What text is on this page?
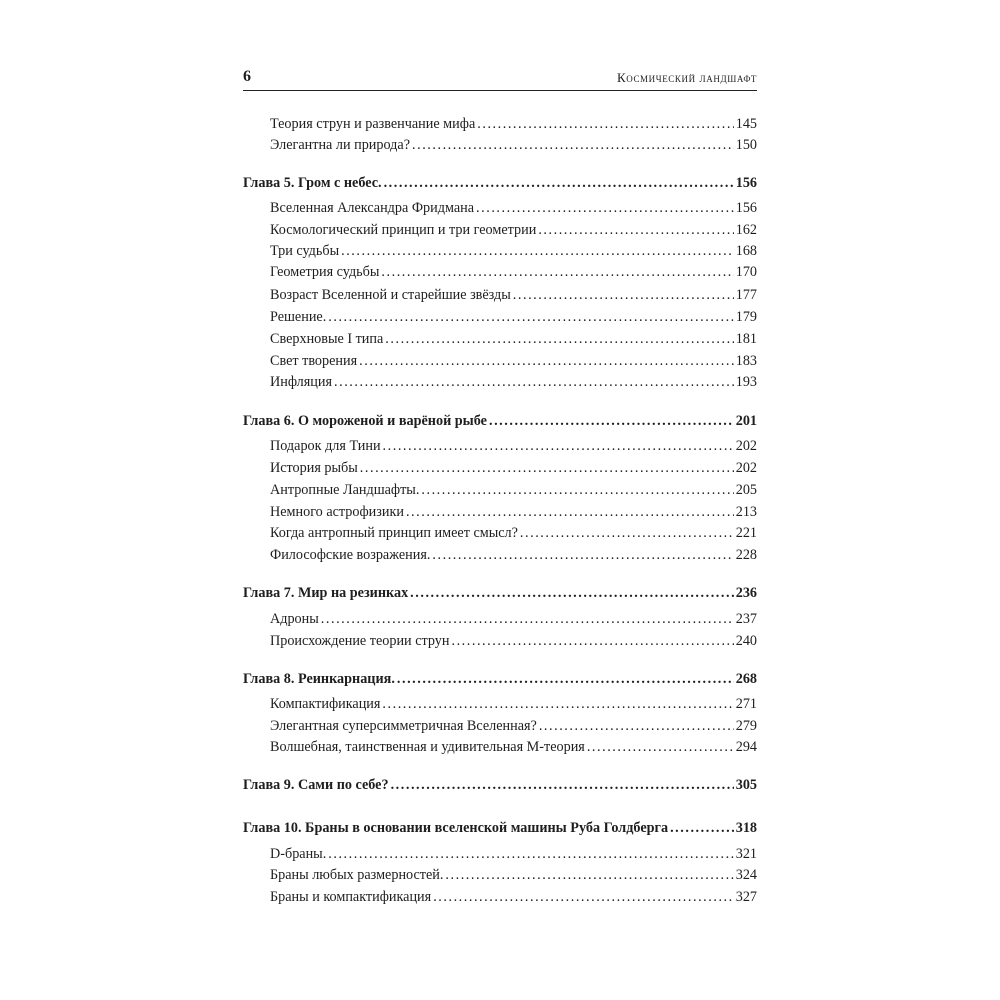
6	Космический ландшафт
Теория струн и развенчание мифа . . .	145
Элегантна ли природа? . . .	150
Глава 5. Гром с небес. . . .	156
Вселенная Александра Фридмана . . .	156
Космологический принцип и три геометрии . . .	162
Три судьбы . . .	168
Геометрия судьбы . . .	170
Возраст Вселенной и старейшие звёзды . . .	177
Решение. . . .	179
Сверхновые I типа . . .	181
Свет творения . . .	183
Инфляция . . .	193
Глава 6. О мороженой и варёной рыбе . . .	201
Подарок для Тини . . .	202
История рыбы . . .	202
Антропные Ландшафты. . . .	205
Немного астрофизики . . .	213
Когда антропный принцип имеет смысл? . . .	221
Философские возражения. . . .	228
Глава 7. Мир на резинках . . .	236
Адроны . . .	237
Происхождение теории струн . . .	240
Глава 8. Реинкарнация. . . .	268
Компактификация . . .	271
Элегантная суперсимметричная Вселенная? . . .	279
Волшебная, таинственная и удивительная М-теория . . .	294
Глава 9. Сами по себе? . . .	305
Глава 10. Браны в основании вселенской машины Руба Голдберга . . .	318
D-браны. . . .	321
Браны любых размерностей. . . .	324
Браны и компактификация . . .	327
